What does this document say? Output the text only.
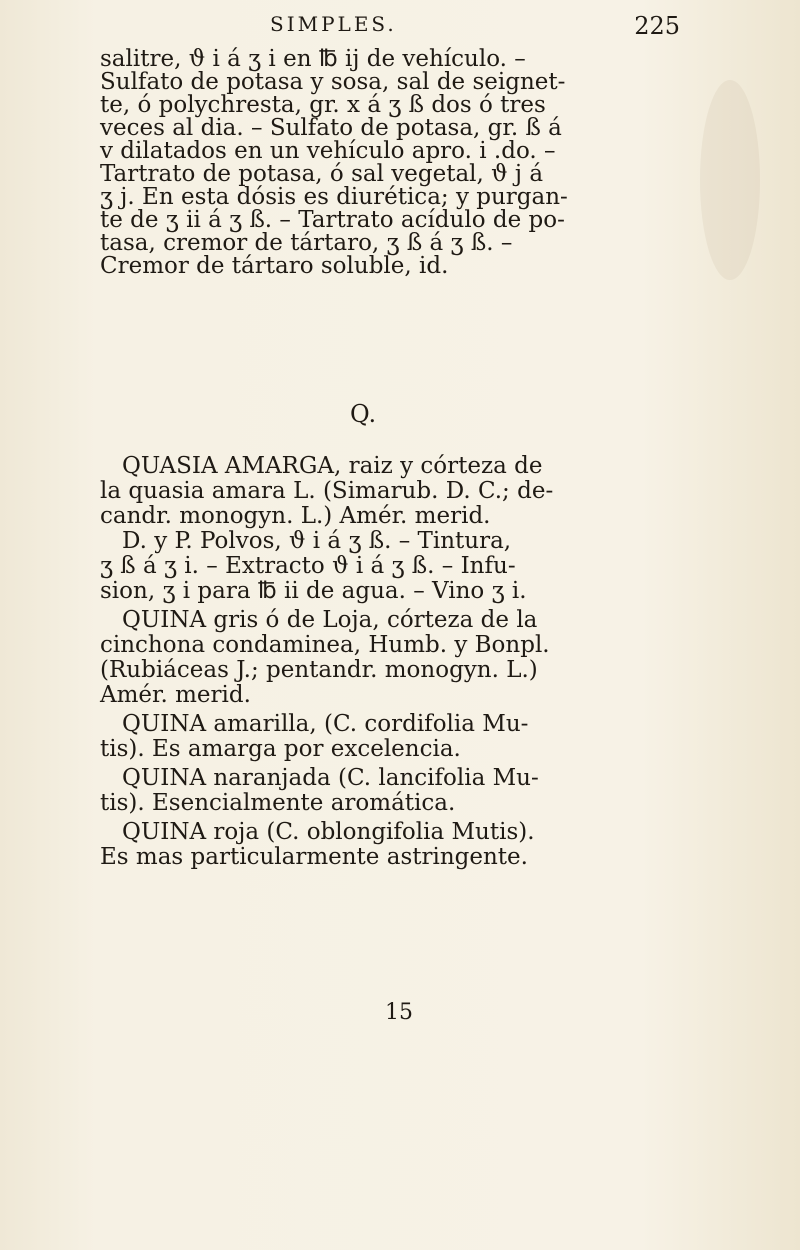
SIMPLES.	225

salitre, ϑ i á ʒ i en ℔ ij de vehículo. –

Sulfato de potasa y sosa, sal de seignet-

te, ó polychresta, gr. x á ʒ ß dos ó tres

veces al dia. – Sulfato de potasa, gr. ß á

v dilatados en un vehículo apro. i .do. –

Tartrato de potasa, ó sal vegetal, ϑ j á

ʒ j. En esta dósis es diurética; y purgan-

te de ʒ ii á ʒ ß. – Tartrato acídulo de po-

tasa, cremor de tártaro, ʒ ß á ʒ ß. –

Cremor de tártaro soluble, id.

Q.

QUASIA AMARGA, raiz y córteza de

la quasia amara L. (Simarub. D. C.; de-

candr. monogyn. L.) Amér. merid.

D. y P. Polvos, ϑ i á ʒ ß. – Tintura,

ʒ ß á ʒ i. – Extracto ϑ i á ʒ ß. – Infu-

sion, ʒ i para ℔ ii de agua. – Vino ʒ i.

QUINA gris ó de Loja, córteza de la

cinchona condaminea, Humb. y Bonpl.

(Rubiáceas J.; pentandr. monogyn. L.)

Amér. merid.

QUINA amarilla, (C. cordifolia Mu-

tis). Es amarga por excelencia.

QUINA naranjada (C. lancifolia Mu-

tis). Esencialmente aromática.

QUINA roja (C. oblongifolia Mutis).

Es mas particularmente astringente.

15
